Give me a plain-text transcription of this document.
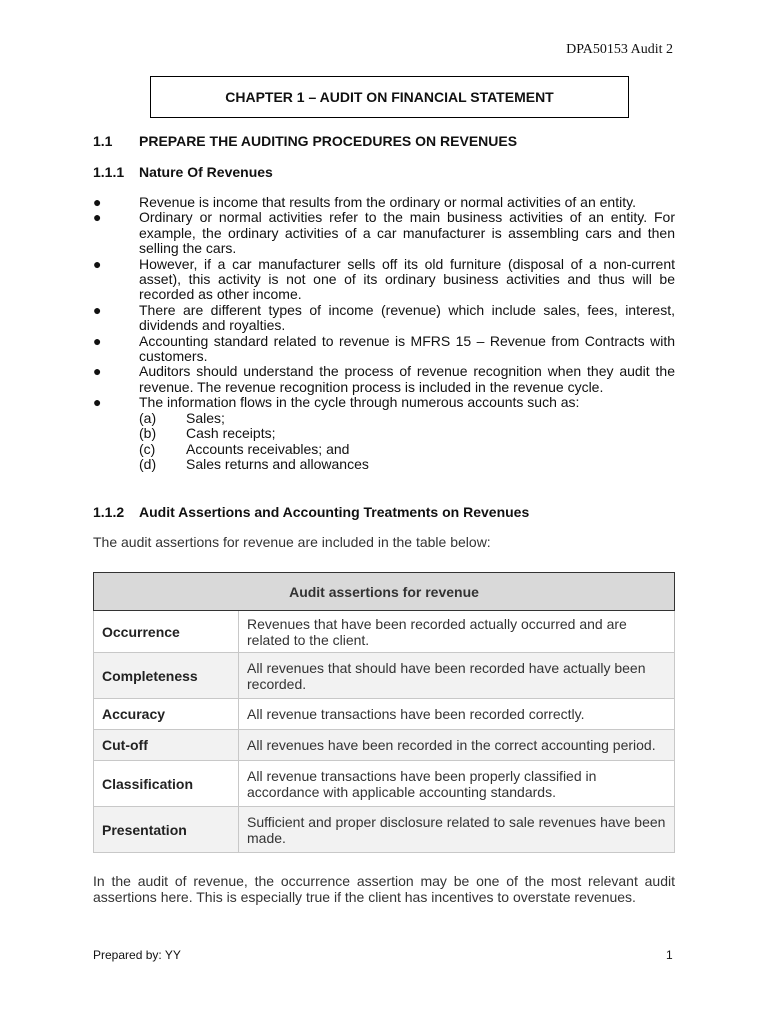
DPA50153 Audit 2
CHAPTER 1 – AUDIT ON FINANCIAL STATEMENT
1.1 PREPARE THE AUDITING PROCEDURES ON REVENUES
1.1.1 Nature Of Revenues
●	Revenue is income that results from the ordinary or normal activities of an entity.
●	Ordinary or normal activities refer to the main business activities of an entity. For example, the ordinary activities of a car manufacturer is assembling cars and then selling the cars.
●	However, if a car manufacturer sells off its old furniture (disposal of a non-current asset), this activity is not one of its ordinary business activities and thus will be recorded as other income.
●	There are different types of income (revenue) which include sales, fees, interest, dividends and royalties.
●	Accounting standard related to revenue is MFRS 15 – Revenue from Contracts with customers.
●	Auditors should understand the process of revenue recognition when they audit the revenue. The revenue recognition process is included in the revenue cycle.
●	The information flows in the cycle through numerous accounts such as:
(a)	Sales;
(b)	Cash receipts;
(c)	Accounts receivables; and
(d)	Sales returns and allowances
1.1.2 Audit Assertions and Accounting Treatments on Revenues

The audit assertions for revenue are included in the table below:

Audit assertions for revenue	
Occurrence	Revenues that have been recorded actually occurred and are related to the client.
Completeness	All revenues that should have been recorded have actually been recorded.
Accuracy	All revenue transactions have been recorded correctly.
Cut-off	All revenues have been recorded in the correct accounting period.
Classification	All revenue transactions have been properly classified in accordance with applicable accounting standards.
Presentation	Sufficient and proper disclosure related to sale revenues have been made.

In the audit of revenue, the occurrence assertion may be one of the most relevant audit assertions here. This is especially true if the client has incentives to overstate revenues.

Prepared by: YY	1
